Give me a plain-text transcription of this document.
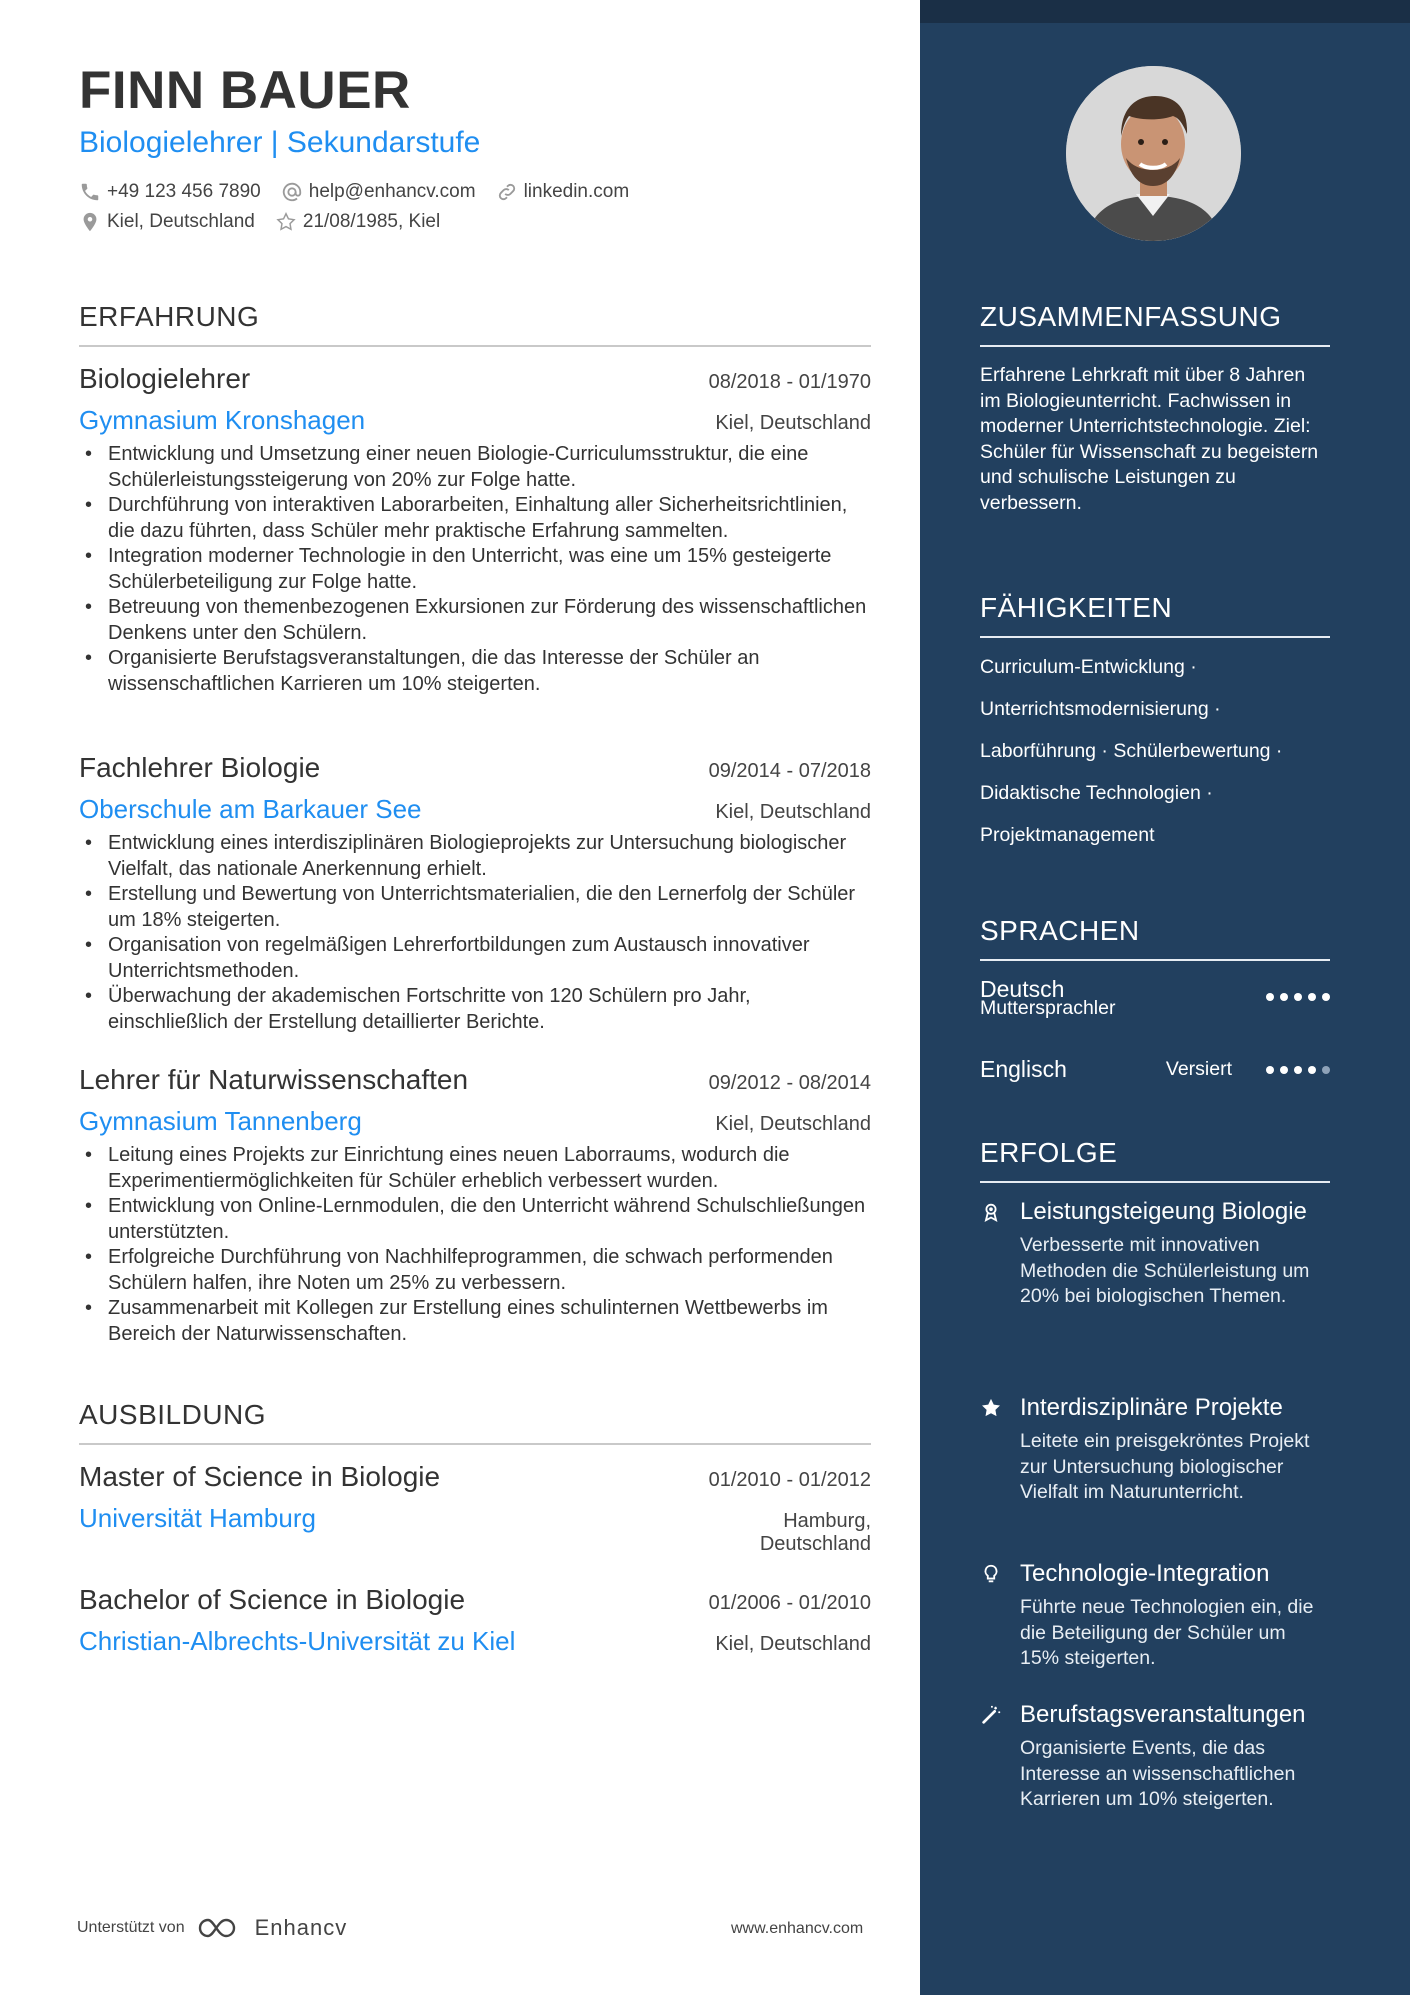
FINN BAUER
Biologielehrer | Sekundarstufe
+49 123 456 7890	help@enhancv.com	linkedin.com
Kiel, Deutschland	21/08/1985, Kiel
ERFAHRUNG
Biologielehrer	08/2018 - 01/1970
Gymnasium Kronshagen	Kiel, Deutschland
• Entwicklung und Umsetzung einer neuen Biologie-Curriculumsstruktur, die eine Schülerleistungssteigerung von 20% zur Folge hatte.
• Durchführung von interaktiven Laborarbeiten, Einhaltung aller Sicherheitsrichtlinien, die dazu führten, dass Schüler mehr praktische Erfahrung sammelten.
• Integration moderner Technologie in den Unterricht, was eine um 15% gesteigerte Schülerbeteiligung zur Folge hatte.
• Betreuung von themenbezogenen Exkursionen zur Förderung des wissenschaftlichen Denkens unter den Schülern.
• Organisierte Berufstagsveranstaltungen, die das Interesse der Schüler an wissenschaftlichen Karrieren um 10% steigerten.
Fachlehrer Biologie	09/2014 - 07/2018
Oberschule am Barkauer See	Kiel, Deutschland
• Entwicklung eines interdisziplinären Biologieprojekts zur Untersuchung biologischer Vielfalt, das nationale Anerkennung erhielt.
• Erstellung und Bewertung von Unterrichtsmaterialien, die den Lernerfolg der Schüler um 18% steigerten.
• Organisation von regelmäßigen Lehrerfortbildungen zum Austausch innovativer Unterrichtsmethoden.
• Überwachung der akademischen Fortschritte von 120 Schülern pro Jahr, einschließlich der Erstellung detaillierter Berichte.
Lehrer für Naturwissenschaften	09/2012 - 08/2014
Gymnasium Tannenberg	Kiel, Deutschland
• Leitung eines Projekts zur Einrichtung eines neuen Laborraums, wodurch die Experimentiermöglichkeiten für Schüler erheblich verbessert wurden.
• Entwicklung von Online-Lernmodulen, die den Unterricht während Schulschließungen unterstützten.
• Erfolgreiche Durchführung von Nachhilfeprogrammen, die schwach performenden Schülern halfen, ihre Noten um 25% zu verbessern.
• Zusammenarbeit mit Kollegen zur Erstellung eines schulinternen Wettbewerbs im Bereich der Naturwissenschaften.
AUSBILDUNG
Master of Science in Biologie	01/2010 - 01/2012
Universität Hamburg	Hamburg,
Deutschland
Bachelor of Science in Biologie	01/2006 - 01/2010
Christian-Albrechts-Universität zu Kiel	Kiel, Deutschland
Unterstützt von	Enhancv	www.enhancv.com
ZUSAMMENFASSUNG
Erfahrene Lehrkraft mit über 8 Jahren im Biologieunterricht. Fachwissen in moderner Unterrichtstechnologie. Ziel: Schüler für Wissenschaft zu begeistern und schulische Leistungen zu verbessern.
FÄHIGKEITEN
Curriculum-Entwicklung ·
Unterrichtsmodernisierung ·
Laborführung · Schülerbewertung ·
Didaktische Technologien ·
Projektmanagement
SPRACHEN
Deutsch
Muttersprachler
Englisch	Versiert
ERFOLGE
Leistungsteigeung Biologie
Verbesserte mit innovativen Methoden die Schülerleistung um 20% bei biologischen Themen.
Interdisziplinäre Projekte
Leitete ein preisgekröntes Projekt zur Untersuchung biologischer Vielfalt im Naturunterricht.
Technologie-Integration
Führte neue Technologien ein, die die Beteiligung der Schüler um 15% steigerten.
Berufstagsveranstaltungen
Organisierte Events, die das Interesse an wissenschaftlichen Karrieren um 10% steigerten.
